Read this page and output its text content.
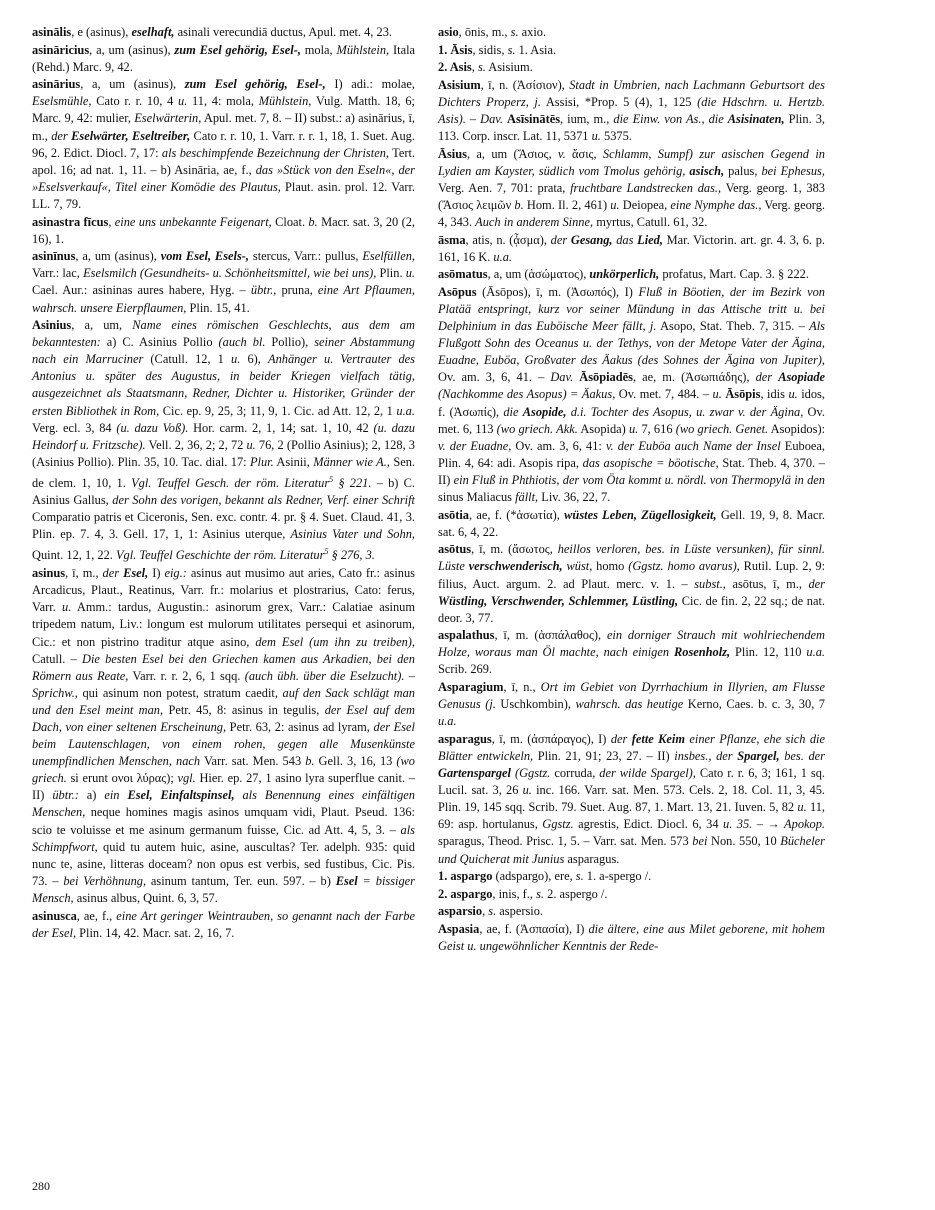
asinālis, e (asinus), eselhaft, asinali verecundiā ductus, Apul. met. 4, 23.
asināricius, a, um (asinus), zum Esel gehörig, Esel-, mola, Mühlstein, Itala (Rehd.) Marc. 9, 42.
asinārius, a, um (asinus), zum Esel gehörig, Esel-, I) adi.: molae, Eselsmühle, Cato r. r. 10, 4 u. 11, 4: mola, Mühlstein, Vulg. Matth. 18, 6; Marc. 9, 42: mulier, Eselwärterin, Apul. met. 7, 8. – II) subst.: a) asinārius, ī, m., der Eselwärter, Eseltreiber, Cato r. r. 10, 1. Varr. r. r. 1, 18, 1. Suet. Aug. 96, 2. Edict. Diocl. 7, 17: als beschimpfende Bezeichnung der Christen, Tert. apol. 16; ad nat. 1, 11. – b) Asināria, ae, f., das »Stück von den Eseln«, der »Eselsverkauf«, Titel einer Komödie des Plautus, Plaut. asin. prol. 12. Varr. LL. 7, 79.
asinastra fīcus, eine uns unbekannte Feigenart, Cloat. b. Macr. sat. 3, 20 (2, 16), 1.
asinīnus, a, um (asinus), vom Esel, Esels-, stercus, Varr.: pullus, Eselfüllen, Varr.: lac, Eselsmilch (Gesundheits- u. Schönheitsmittel, wie bei uns), Plin. u. Cael. Aur.: asininas aures habere, Hyg. – übtr., pruna, eine Art Pflaumen, wahrsch. unsere Eierpflaumen, Plin. 15, 41.
Asinius, a, um, Name eines römischen Geschlechts, aus dem am bekanntesten: a) C. Asinius Pollio (auch bl. Pollio), seiner Abstammung nach ein Marruciner (Catull. 12, 1 u. 6), Anhänger u. Vertrauter des Antonius u. später des Augustus, in beider Kriegen vielfach tätig, ausgezeichnet als Staatsmann, Redner, Dichter u. Historiker, Gründer der ersten Bibliothek in Rom, Cic. ep. 9, 25, 3; 11, 9, 1. Cic. ad Att. 12, 2, 1 u.a. Verg. ecl. 3, 84 (u. dazu Voß). Hor. carm. 2, 1, 14; sat. 1, 10, 42 (u. dazu Heindorf u. Fritzsche). Vell. 2, 36, 2; 2, 72 u. 76, 2 (Pollio Asinius); 2, 128, 3 (Asinius Pollio). Plin. 35, 10. Tac. dial. 17: Plur. Asinii, Männer wie A., Sen. de clem. 1, 10, 1. Vgl. Teuffel Gesch. der röm. Literatur$^5$ § 221. – b) C. Asinius Gallus, der Sohn des vorigen, bekannt als Redner, Verf. einer Schrift Comparatio patris et Ciceronis, Sen. exc. contr. 4. pr. § 4. Suet. Claud. 41, 3. Plin. ep. 7. 4, 3. Gell. 17, 1, 1: Asinius uterque, Asinius Vater und Sohn, Quint. 12, 1, 22. Vgl. Teuffel Geschichte der röm. Literatur$^5$ § 276, 3.
asinus, ī, m., der Esel, I) eig.: asinus aut musimo aut aries, Cato fr.: asinus Arcadicus, Plaut., Reatinus, Varr. fr.: molarius et plostrarius, Cato: ferus, Varr. u. Amm.: tardus, Augustin.: asinorum grex, Varr.: Calatiae asinum tripedem natum, Liv.: longum est mulorum utilitates persequi et asinorum, Cic.: et non pistrino traditur atque asino, dem Esel (um ihn zu treiben), Catull. – Die besten Esel bei den Griechen kamen aus Arkadien, bei den Römern aus Reate, Varr. r. r. 2, 6, 1 sqq. (auch übh. über die Eselzucht). – Sprichw., qui asinum non potest, stratum caedit, auf den Sack schlägt man und den Esel meint man, Petr. 45, 8: asinus in tegulis, der Esel auf dem Dach, von einer seltenen Erscheinung, Petr. 63, 2: asinus ad lyram, der Esel beim Lautenschlagen, von einem rohen, gegen alle Musenkünste unempfindlichen Menschen, nach Varr. sat. Men. 543 b. Gell. 3, 16, 13 (wo griech. si erunt ονοι λύρας); vgl. Hier. ep. 27, 1 asino lyra superflue canit. – II) übtr.: a) ein Esel, Einfaltspinsel, als Benennung eines einfältigen Menschen, neque homines magis asinos umquam vidi, Plaut. Pseud. 136: scio te voluisse et me asinum germanum fuisse, Cic. ad Att. 4, 5, 3. – als Schimpfwort, quid tu autem huic, asine, auscultas? Ter. adelph. 935: quid nunc te, asine, litteras doceam? non opus est verbis, sed fustibus, Cic. Pis. 73. – bei Verhöhnung, asinum tantum, Ter. eun. 597. – b) Esel = bissiger Mensch, asinus albus, Quint. 6, 3, 57.
asinusca, ae, f., eine Art geringer Weintrauben, so genannt nach der Farbe der Esel, Plin. 14, 42. Macr. sat. 2, 16, 7.
asio, ōnis, m., s. axio.
1. Āsis, sidis, s. 1. Asia.
2. Asis, s. Asisium.
Asisium, ī, n. (Ἀσίσιον), Stadt in Umbrien, nach Lachmann Geburtsort des Dichters Properz, j. Assisi, *Prop. 5 (4), 1, 125 (die Hdschrn. u. Hertzb. Asis). – Dav. Asīsinātēs, ium, m., die Einw. von As., die Asisinaten, Plin. 3, 113. Corp. inscr. Lat. 11, 5371 u. 5375.
Āsius, a, um (Ἄσιος, v. ἄσις, Schlamm, Sumpf) zur asischen Gegend in Lydien am Kayster, südlich vom Tmolus gehörig, asisch, palus, bei Ephesus, Verg. Aen. 7, 701: prata, fruchtbare Landstrecken das., Verg. georg. 1, 383 (Ἄσιος λειμῶν b. Hom. Il. 2, 461) u. Deiopea, eine Nymphe das., Verg. georg. 4, 343. Auch in anderem Sinne, myrtus, Catull. 61, 32.
āsma, atis, n. (ᾆσμα), der Gesang, das Lied, Mar. Victorin. art. gr. 4. 3, 6. p. 161, 16 K. u.a.
asōmatus, a, um (ἀσώματος), unkörperlich, profatus, Mart. Cap. 3. § 222.
Asōpus (Āsōpos), ī, m. (Ἀσωπός), I) Fluß in Böotien, der im Bezirk von Platää entspringt, kurz vor seiner Mündung in das Attische tritt u. bei Delphinium in das Euböische Meer fällt, j. Asopo, Stat. Theb. 7, 315. – Als Flußgott Sohn des Oceanus u. der Tethys, von der Metope Vater der Ägina, Euadne, Euböa, Großvater des Äakus (des Sohnes der Ägina von Jupiter), Ov. am. 3, 6, 41. – Dav. Āsōpiadēs, ae, m. (Ἀσωπιάδης), der Asopiade (Nachkomme des Asopus) = Äakus, Ov. met. 7, 484. – u. Āsōpis, idis u. idos, f. (Ἀσωπίς), die Asopide, d.i. Tochter des Asopus, u. zwar v. der Ägina, Ov. met. 6, 113 (wo griech. Akk. Asopida) u. 7, 616 (wo griech. Genet. Asopidos): v. der Euadne, Ov. am. 3, 6, 41: v. der Euböa auch Name der Insel Euboea, Plin. 4, 64: adi. Asopis ripa, das asopische = böotische, Stat. Theb. 4, 370. – II) ein Fluß in Phthiotis, der vom Öta kommt u. nördl. von Thermopylä in den sinus Maliacus fällt, Liv. 36, 22, 7.
asōtia, ae, f. (*ἀσωτία), wüstes Leben, Zügellosigkeit, Gell. 19, 9, 8. Macr. sat. 6, 4, 22.
asōtus, ī, m. (ἄσωτος, heillos verloren, bes. in Lüste versunken), für sinnl. Lüste verschwenderisch, wüst, homo (Ggstz. homo avarus), Rutil. Lup. 2, 9: filius, Auct. argum. 2. ad Plaut. merc. v. 1. – subst., asōtus, ī, m., der Wüstling, Verschwender, Schlemmer, Lüstling, Cic. de fin. 2, 22 sq.; de nat. deor. 3, 77.
aspalathus, ī, m. (ἀσπάλαθος), ein dorniger Strauch mit wohlriechendem Holze, woraus man Öl machte, nach einigen Rosenholz, Plin. 12, 110 u.a. Scrib. 269.
Asparagium, ī, n., Ort im Gebiet von Dyrrhachium in Illyrien, am Flusse Genusus (j. Uschkombin), wahrsch. das heutige Kerno, Caes. b. c. 3, 30, 7 u.a.
asparagus, ī, m. (ἀσπάραγος), I) der fette Keim einer Pflanze, ehe sich die Blätter entwickeln, Plin. 21, 91; 23, 27. – II) insbes., der Spargel, bes. der Gartenspargel (Ggstz. corruda, der wilde Spargel), Cato r. r. 6, 3; 161, 1 sq. Lucil. sat. 3, 26 u. inc. 166. Varr. sat. Men. 573. Cels. 2, 18. Col. 11, 3, 45. Plin. 19, 145 sqq. Scrib. 79. Suet. Aug. 87, 1. Mart. 13, 21. Iuven. 5, 82 u. 11, 69: asp. hortulanus, Ggstz. agrestis, Edict. Diocl. 6, 34 u. 35. – → Apokop. sparagus, Theod. Prisc. 1, 5. – Varr. sat. Men. 573 bei Non. 550, 10 Bücheler und Quicherat mit Junius asparagus.
1. aspargo (adspargo), ere, s. 1. a-spergo /.
2. aspargo, inis, f., s. 2. aspergo /.
asparsio, s. aspersio.
Aspasia, ae, f. (Ἀσπασία), I) die ältere, eine aus Milet geborene, mit hohem Geist u. ungewöhnlicher Kenntnis der Rede-
280
